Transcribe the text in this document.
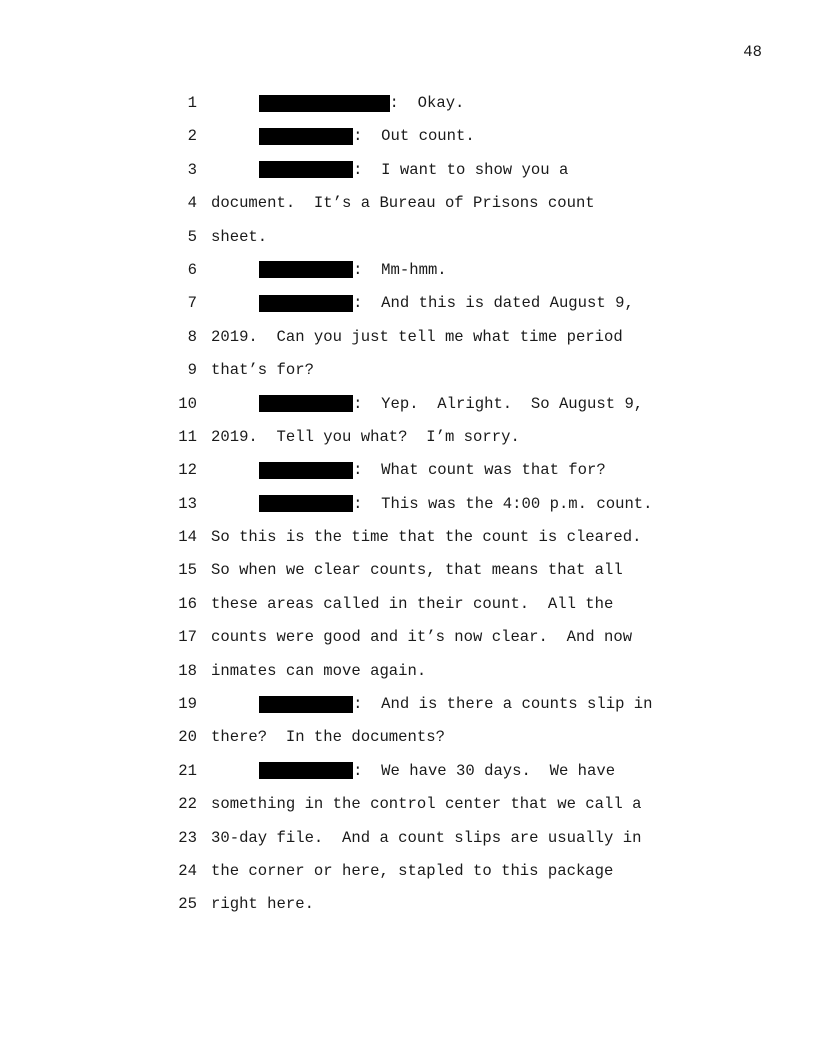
48
1	:  Okay.
2	:  Out count.
3	:  I want to show you a
4 document.  It’s a Bureau of Prisons count
5 sheet.
6	:  Mm-hmm.
7	:  And this is dated August 9,
8 2019.  Can you just tell me what time period
9 that’s for?
10	:  Yep.  Alright.  So August 9,
11 2019.  Tell you what?  I’m sorry.
12	:  What count was that for?
13	:  This was the 4:00 p.m. count.
14 So this is the time that the count is cleared.
15 So when we clear counts, that means that all
16 these areas called in their count.  All the
17 counts were good and it’s now clear.  And now
18 inmates can move again.
19	:  And is there a counts slip in
20 there?  In the documents?
21	:  We have 30 days.  We have
22 something in the control center that we call a
23 30-day file.  And a count slips are usually in
24 the corner or here, stapled to this package
25 right here.
